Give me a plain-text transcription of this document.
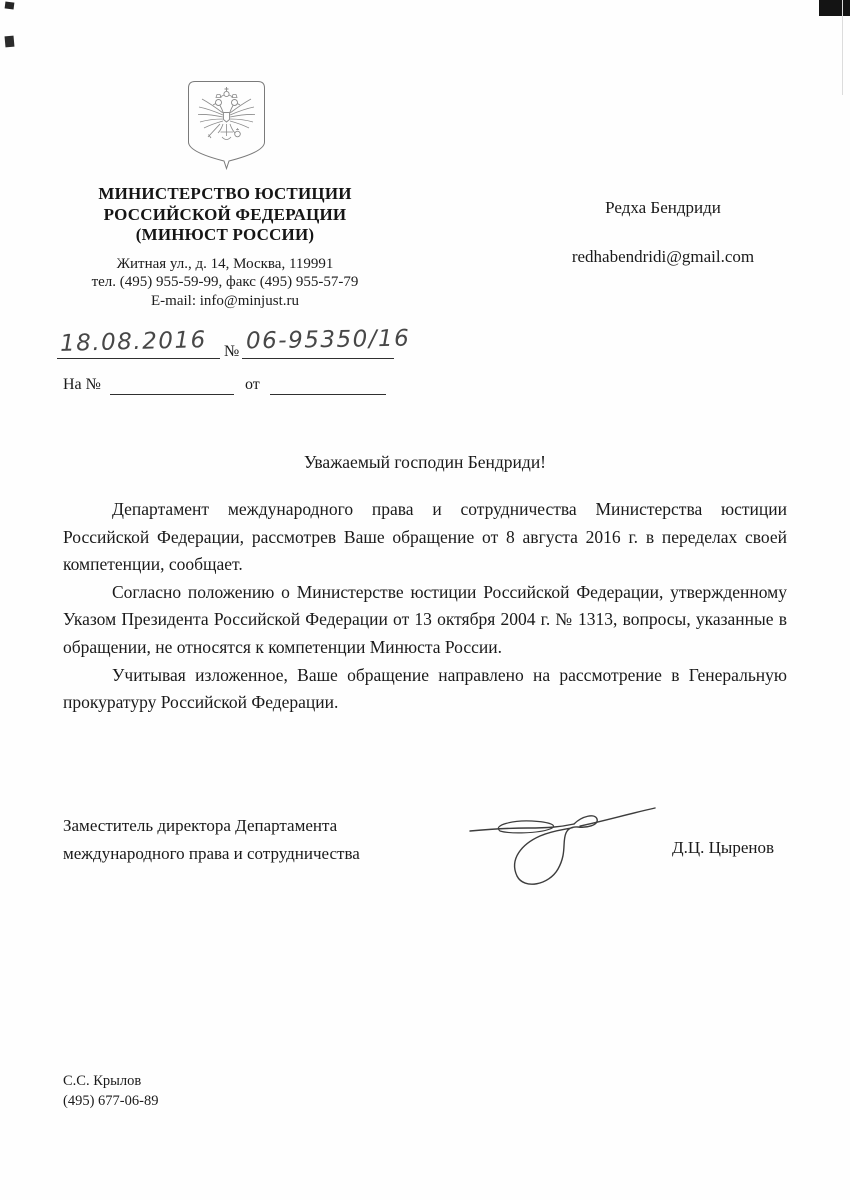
МИНИСТЕРСТВО ЮСТИЦИИ
РОССИЙСКОЙ ФЕДЕРАЦИИ
(МИНЮСТ РОССИИ)
Житная ул., д. 14, Москва, 119991
тел. (495) 955-59-99, факс (495) 955-57-79
E-mail: info@minjust.ru
Редха Бендриди
redhabendridi@gmail.com
18.08.2016 № 06-95350/16
На №	от
Уважаемый господин Бендриди!

Департамент международного права и сотрудничества Министерства юстиции Российской Федерации, рассмотрев Ваше обращение от 8 августа 2016 г. в переделах своей компетенции, сообщает.

Согласно положению о Министерстве юстиции Российской Федерации, утвержденному Указом Президента Российской Федерации от 13 октября 2004 г. № 1313, вопросы, указанные в обращении, не относятся к компетенции Минюста России.

Учитывая изложенное, Ваше обращение направлено на рассмотрение в Генеральную прокуратуру Российской Федерации.

Заместитель директора Департамента
международного права и сотрудничества	Д.Ц. Цыренов
С.С. Крылов
(495) 677-06-89
